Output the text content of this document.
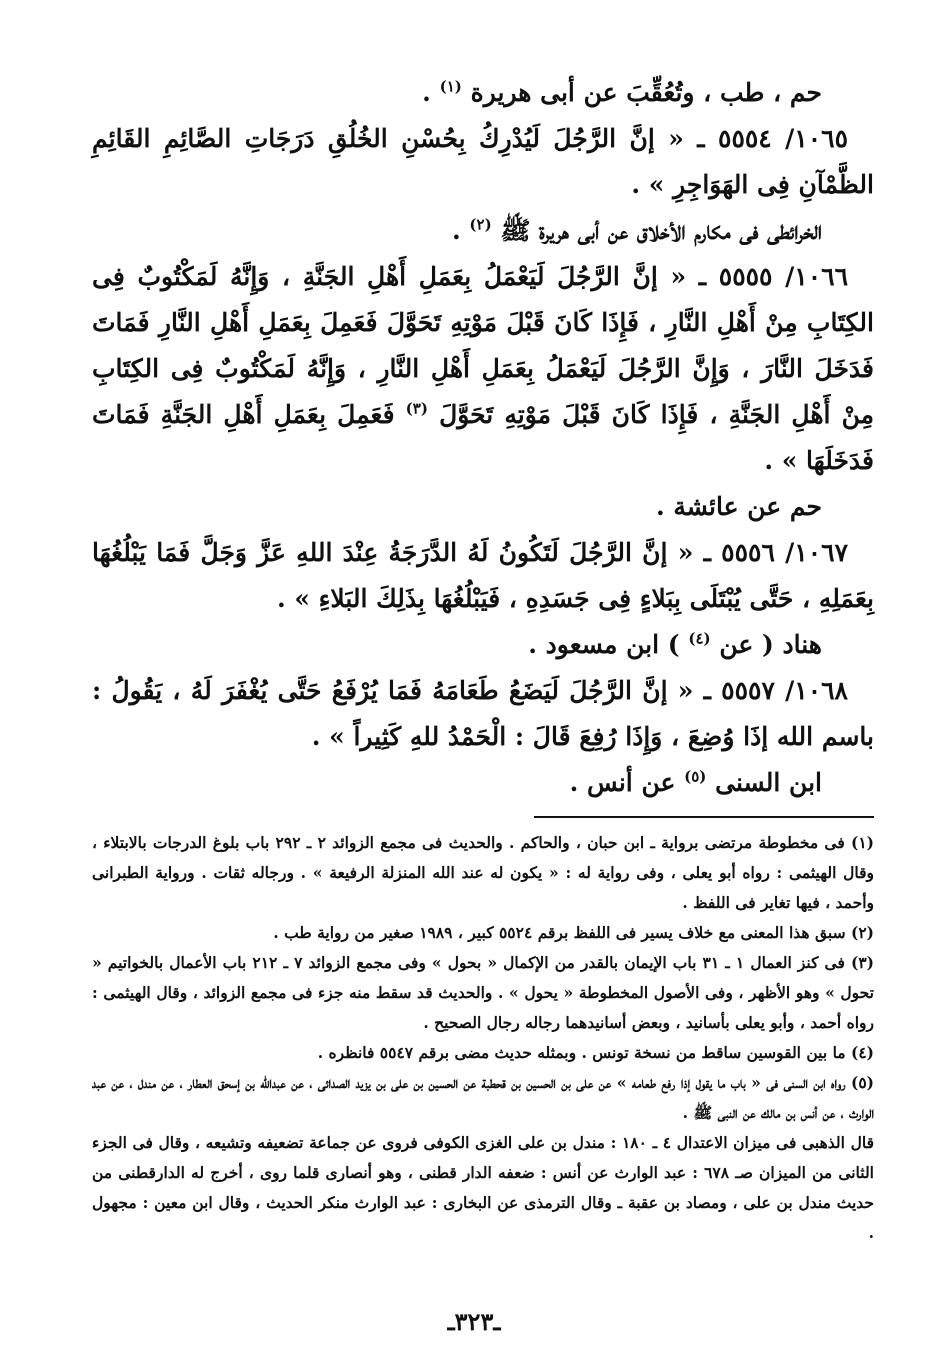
حم ، طب ، وتُعُقِّبَ عن أبى هريرة $^{(١)}$ .

١٠٦٥/ ٥٥٥٤ ـ « إنَّ الرَّجُلَ لَيُدْرِكُ بِحُسْنِ الخُلُقِ دَرَجَاتِ الصَّائِمِ القَائِمِ الظَّمْآنِ فِى الهَوَاجِرِ » .

الخرائطى فى مكارم الأخلاق عن أبى هريرة ﷺ $^{(٢)}$ .

١٠٦٦/ ٥٥٥٥ ـ « إنَّ الرَّجُلَ لَيَعْمَلُ بِعَمَلِ أَهْلِ الجَنَّةِ ، وَإِنَّهُ لَمَكْتُوبٌ فِى الكِتَابِ مِنْ أَهْلِ النَّارِ ، فَإِذَا كَانَ قَبْلَ مَوْتِهِ تَحَوَّلَ فَعَمِلَ بِعَمَلِ أَهْلِ النَّارِ فَمَاتَ فَدَخَلَ النَّارَ ، وَإِنَّ الرَّجُلَ لَيَعْمَلُ بِعَمَلِ أَهْلِ النَّارِ ، وَإِنَّهُ لَمَكْتُوبٌ فِى الكِتَابِ مِنْ أَهْلِ الجَنَّةِ ، فَإِذَا كَانَ قَبْلَ مَوْتِهِ تَحَوَّلَ $^{(٣)}$ فَعَمِلَ بِعَمَلِ أَهْلِ الجَنَّةِ فَمَاتَ فَدَخَلَهَا » .

حم عن عائشة .

١٠٦٧/ ٥٥٥٦ ـ « إنَّ الرَّجُلَ لَتَكُونُ لَهُ الدَّرَجَةُ عِنْدَ اللهِ عَزَّ وَجَلَّ فَمَا يَبْلُغُهَا بِعَمَلِهِ ، حَتَّى يُبْتَلَى بِبَلاءٍ فِى جَسَدِهِ ، فَيَبْلُغُهَا بِذَلِكَ البَلاءِ » .

هناد ( عن $^{(٤)}$ ) ابن مسعود .

١٠٦٨/ ٥٥٥٧ ـ « إنَّ الرَّجُلَ لَيَضَعُ طَعَامَهُ فَمَا يُرْفَعُ حَتَّى يُغْفَرَ لَهُ ، يَقُولُ : باسم الله إذَا وُضِعَ ، وَإِذَا رُفِعَ قَالَ : الْحَمْدُ للهِ كَثِيراً » .

ابن السنى $^{(٥)}$ عن أنس .

(١) فى مخطوطة مرتضى برواية ـ ابن حبان ، والحاكم . والحديث فى مجمع الزوائد ٢ ـ ٢٩٢ باب بلوغ الدرجات بالابتلاء ، وقال الهيثمى : رواه أبو يعلى ، وفى رواية له : « يكون له عند الله المنزلة الرفيعة » . ورجاله ثقات . ورواية الطبرانى وأحمد ، فيها تغاير فى اللفظ .

(٢) سبق هذا المعنى مع خلاف يسير فى اللفظ برقم ٥٥٢٤ كبير ، ١٩٨٩ صغير من رواية طب .

(٣) فى كنز العمال ١ ـ ٣١ باب الإيمان بالقدر من الإكمال « بحول » وفى مجمع الزوائد ٧ ـ ٢١٢ باب الأعمال بالخواتيم « تحول » وهو الأظهر ، وفى الأصول المخطوطة « يحول » . والحديث قد سقط منه جزء فى مجمع الزوائد ، وقال الهيثمى : رواه أحمد ، وأبو يعلى بأسانيد ، وبعض أسانيدهما رجاله رجال الصحيح .

(٤) ما بين القوسين ساقط من نسخة تونس . وبمثله حديث مضى برقم ٥٥٤٧ فانظره .

(٥) رواه ابن السنى فى « باب ما يقول إذا رفع طعامه » عن على بن الحسين بن قحطبة عن الحسين بن على بن يزيد الصدائى ، عن عبدالله بن إسحق العطار ، عن مندل ، عن عبد الوارث ، عن أنس بن مالك عن النبى ﷺ .

قال الذهبى فى ميزان الاعتدال ٤ ـ ١٨٠ : مندل بن على الغزى الكوفى فروى عن جماعة تضعيفه وتشيعه ، وقال فى الجزء الثانى من الميزان صـ ٦٧٨ : عبد الوارث عن أنس : ضعفه الدار قطنى ، وهو أنصارى قلما روى ، أخرج له الدارقطنى من حديث مندل بن على ، ومصاد بن عقبة ـ وقال الترمذى عن البخارى : عبد الوارث منكر الحديث ، وقال ابن معين : مجهول .

ـ٣٢٣ـ
